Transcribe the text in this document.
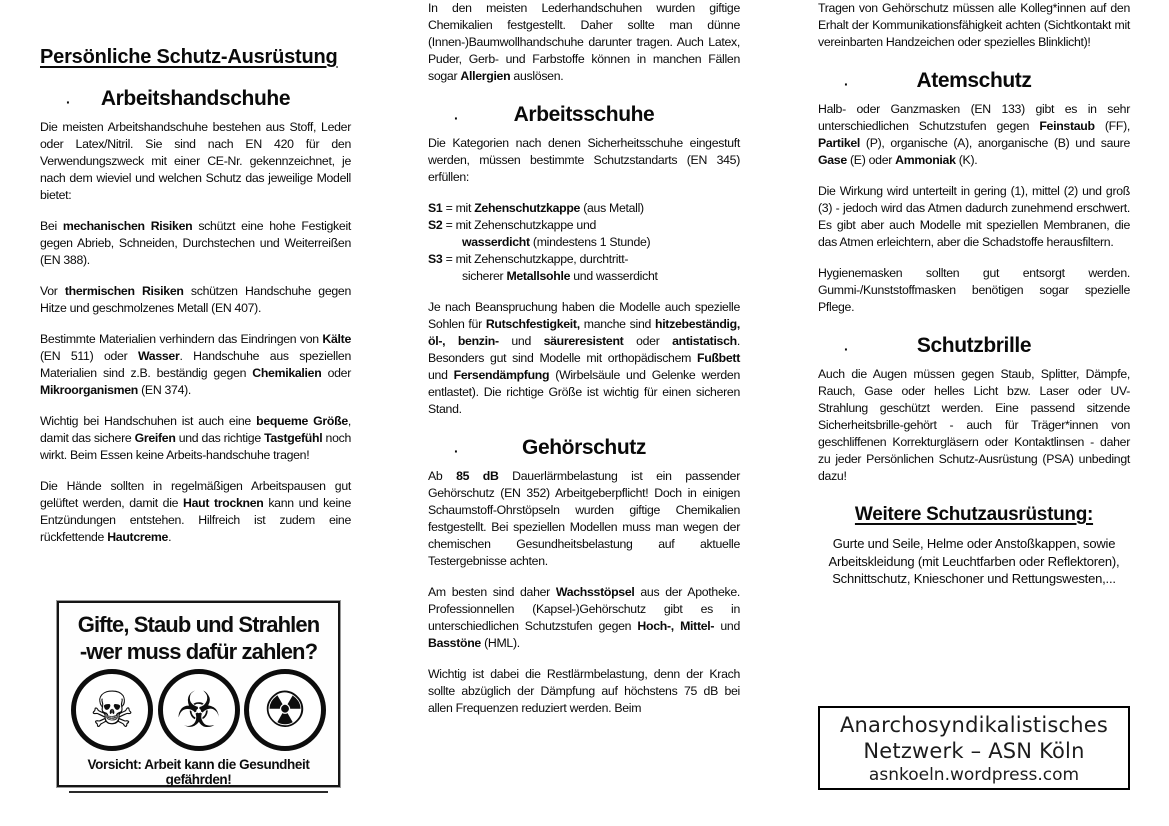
Persönliche Schutz-Ausrüstung
· Arbeitshandschuhe
Die meisten Arbeitshandschuhe bestehen aus Stoff, Leder oder Latex/Nitril. Sie sind nach EN 420 für den Verwendungszweck mit einer CE-Nr. gekennzeichnet, je nach dem wieviel und welchen Schutz das jeweilige Modell bietet:
Bei mechanischen Risiken schützt eine hohe Festigkeit gegen Abrieb, Schneiden, Durchstechen und Weiterreißen (EN 388).
Vor thermischen Risiken schützen Handschuhe gegen Hitze und geschmolzenes Metall (EN 407).
Bestimmte Materialien verhindern das Eindringen von Kälte (EN 511) oder Wasser. Handschuhe aus speziellen Materialien sind z.B. beständig gegen Chemikalien oder Mikroorganismen (EN 374).
Wichtig bei Handschuhen ist auch eine bequeme Größe, damit das sichere Greifen und das richtige Tastgefühl noch wirkt. Beim Essen keine Arbeits-handschuhe tragen!
Die Hände sollten in regelmäßigen Arbeitspausen gut gelüftet werden, damit die Haut trocknen kann und keine Entzündungen entstehen. Hilfreich ist zudem eine rückfettende Hautcreme.
In den meisten Lederhandschuhen wurden giftige Chemikalien festgestellt. Daher sollte man dünne (Innen-)Baumwollhandschuhe darunter tragen. Auch Latex, Puder, Gerb- und Farbstoffe können in manchen Fällen sogar Allergien auslösen.
·	Arbeitsschuhe
Die Kategorien nach denen Sicherheitsschuhe eingestuft werden, müssen bestimmte Schutzstandarts (EN 345) erfüllen:
S1 = mit Zehenschutzkappe (aus Metall)
S2 = mit Zehenschutzkappe und
wasserdicht (mindestens 1 Stunde)
S3 = mit Zehenschutzkappe, durchtritt-
sicherer Metallsohle und wasserdicht
Je nach Beanspruchung haben die Modelle auch spezielle Sohlen für Rutschfestigkeit, manche sind hitzebeständig, öl-, benzin- und säureresistent oder antistatisch. Besonders gut sind Modelle mit orthopädischem Fußbett und Fersendämpfung (Wirbelsäule und Gelenke werden entlastet). Die richtige Größe ist wichtig für einen sicheren Stand.
·	Gehörschutz
Ab 85 dB Dauerlärmbelastung ist ein passender Gehörschutz (EN 352) Arbeitgeberpflicht! Doch in einigen Schaumstoff-Ohrstöpseln wurden giftige Chemikalien festgestellt. Bei speziellen Modellen muss man wegen der chemischen Gesundheitsbelastung auf aktuelle Testergebnisse achten.
Am besten sind daher Wachsstöpsel aus der Apotheke. Professionnellen (Kapsel-)Gehörschutz gibt es in unterschiedlichen Schutzstufen gegen Hoch-, Mittel- und Basstöne (HML).
Wichtig ist dabei die Restlärmbelastung, denn der Krach sollte abzüglich der Dämpfung auf höchstens 75 dB bei allen Frequenzen reduziert werden. Beim
Tragen von Gehörschutz müssen alle Kolleg*innen auf den Erhalt der Kommunikationsfähigkeit achten (Sichtkontakt mit vereinbarten Handzeichen oder spezielles Blinklicht)!
·	Atemschutz
Halb- oder Ganzmasken (EN 133) gibt es in sehr unterschiedlichen Schutzstufen gegen Feinstaub (FF), Partikel (P), organische (A), anorganische (B) und saure Gase (E) oder Ammoniak (K).
Die Wirkung wird unterteilt in gering (1), mittel (2) und groß (3) - jedoch wird das Atmen dadurch zunehmend erschwert. Es gibt aber auch Modelle mit speziellen Membranen, die das Atmen erleichtern, aber die Schadstoffe herausfiltern.
Hygienemasken sollten gut entsorgt werden. Gummi-/Kunststoffmasken benötigen sogar spezielle Pflege.
·	Schutzbrille
Auch die Augen müssen gegen Staub, Splitter, Dämpfe, Rauch, Gase oder helles Licht bzw. Laser oder UV-Strahlung geschützt werden. Eine passend sitzende Sicherheitsbrille-gehört - auch für Träger*innen von geschliffenen Korrekturgläsern oder Kontaktlinsen - daher zu jeder Persönlichen Schutz-Ausrüstung (PSA) unbedingt dazu!
Weitere Schutzausrüstung:
Gurte und Seile, Helme oder Anstoßkappen, sowie Arbeitskleidung (mit Leuchtfarben oder Reflektoren), Schnittschutz, Knieschoner und Rettungswesten,...
Gifte, Staub und Strahlen
-wer muss dafür zahlen?
☠ ☣ ☢
Vorsicht: Arbeit kann die Gesundheit gefährden!
Anarchosyndikalistisches
Netzwerk – ASN Köln
asnkoeln.wordpress.com
